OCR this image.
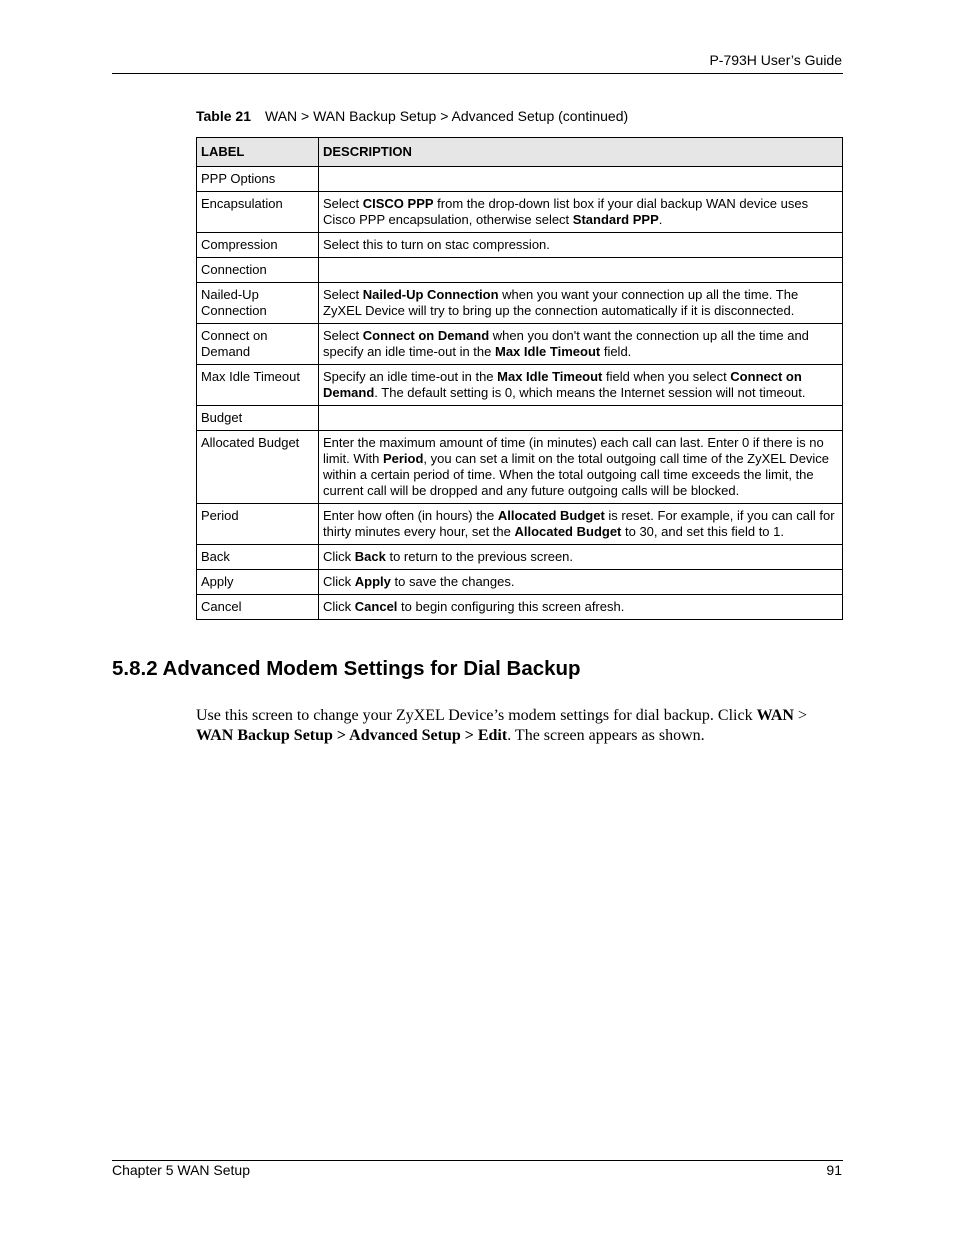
P-793H User’s Guide
Table 21 WAN > WAN Backup Setup > Advanced Setup (continued)
LABEL	DESCRIPTION
PPP Options	
Encapsulation	Select CISCO PPP from the drop-down list box if your dial backup WAN device uses Cisco PPP encapsulation, otherwise select Standard PPP.
Compression	Select this to turn on stac compression.
Connection	
Nailed-Up Connection	Select Nailed-Up Connection when you want your connection up all the time. The ZyXEL Device will try to bring up the connection automatically if it is disconnected.
Connect on Demand	Select Connect on Demand when you don't want the connection up all the time and specify an idle time-out in the Max Idle Timeout field.
Max Idle Timeout	Specify an idle time-out in the Max Idle Timeout field when you select Connect on Demand. The default setting is 0, which means the Internet session will not timeout.
Budget	
Allocated Budget	Enter the maximum amount of time (in minutes) each call can last. Enter 0 if there is no limit. With Period, you can set a limit on the total outgoing call time of the ZyXEL Device within a certain period of time. When the total outgoing call time exceeds the limit, the current call will be dropped and any future outgoing calls will be blocked.
Period	Enter how often (in hours) the Allocated Budget is reset. For example, if you can call for thirty minutes every hour, set the Allocated Budget to 30, and set this field to 1.
Back	Click Back to return to the previous screen.
Apply	Click Apply to save the changes.
Cancel	Click Cancel to begin configuring this screen afresh.
5.8.2 Advanced Modem Settings for Dial Backup

Use this screen to change your ZyXEL Device’s modem settings for dial backup. Click WAN > WAN Backup Setup > Advanced Setup > Edit. The screen appears as shown.

Chapter 5 WAN Setup	91
